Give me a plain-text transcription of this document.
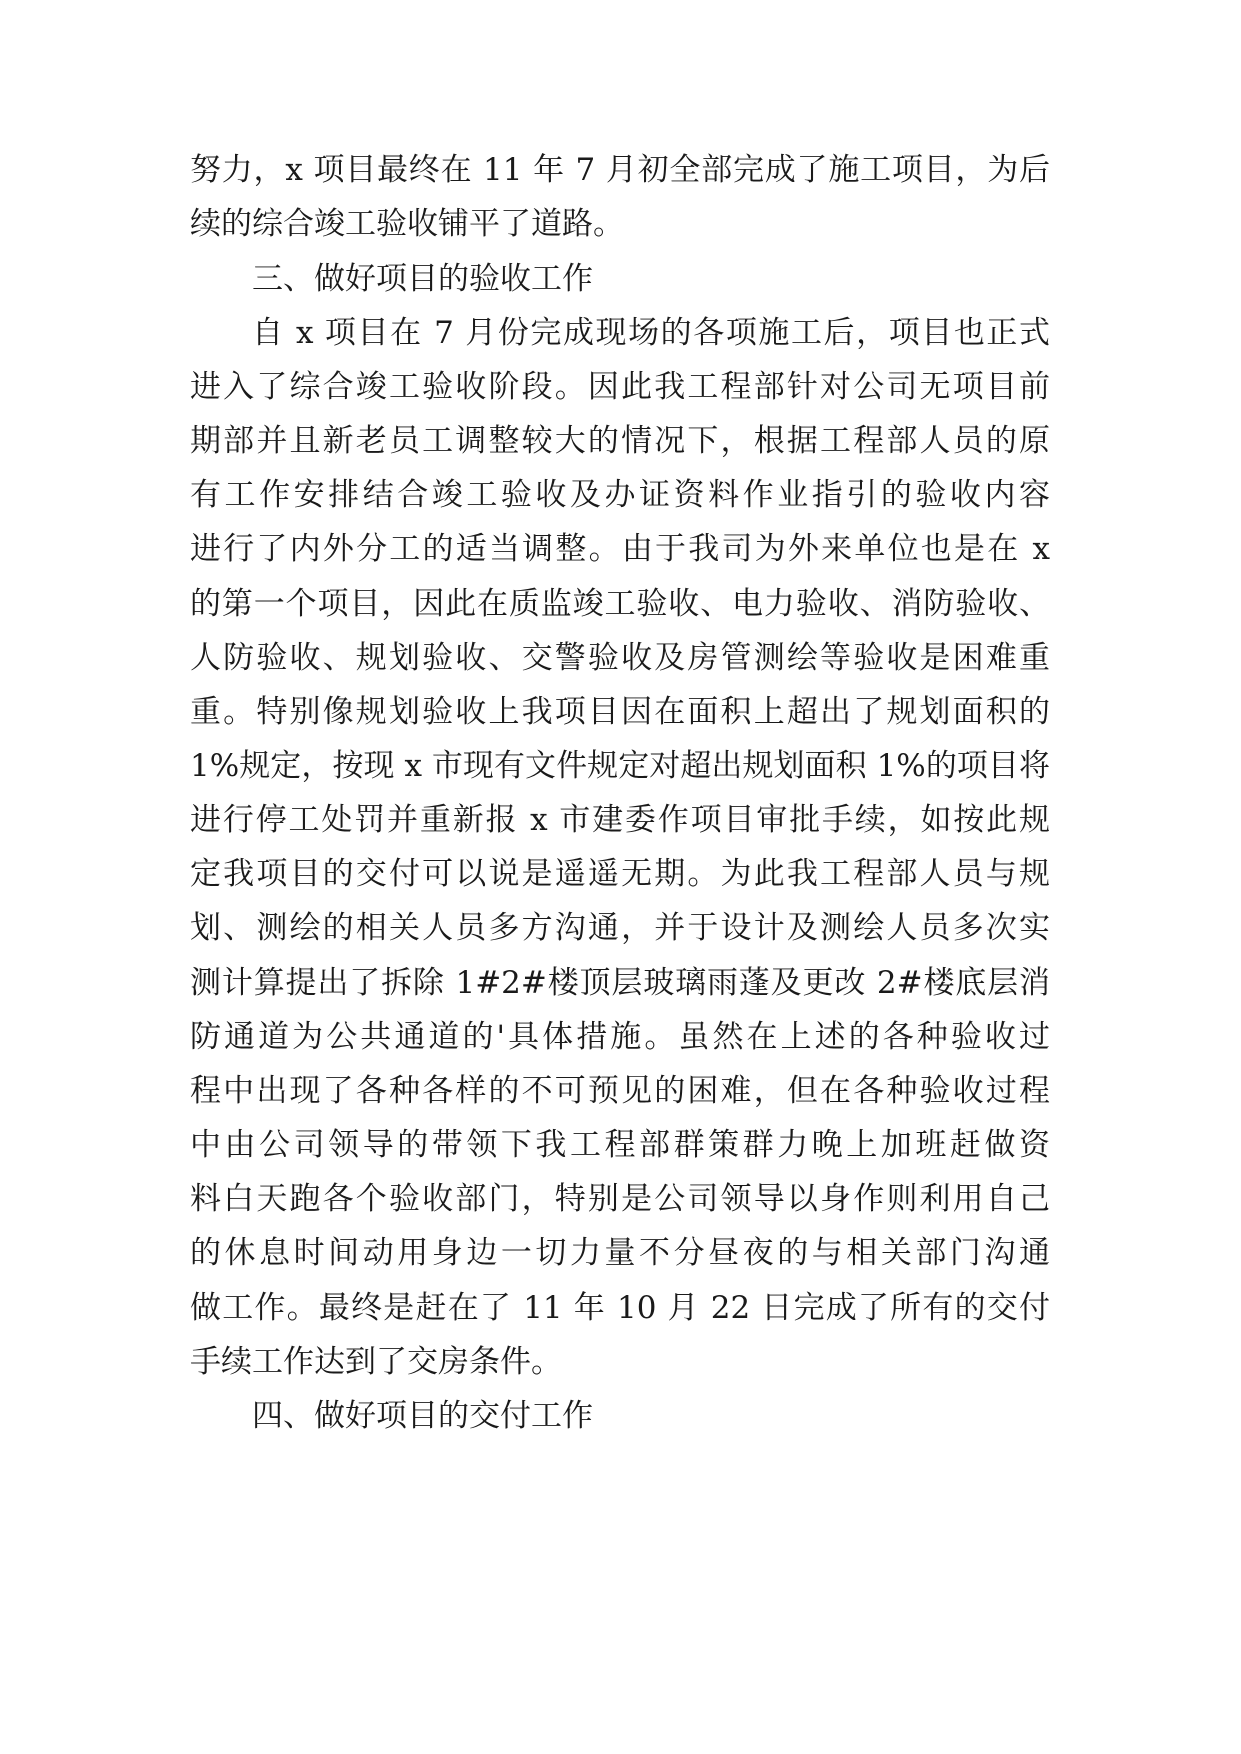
努力，x 项目最终在 11 年 7 月初全部完成了施工项目，为后
续的综合竣工验收铺平了道路。
三、做好项目的验收工作
自 x 项目在 7 月份完成现场的各项施工后，项目也正式
进入了综合竣工验收阶段。因此我工程部针对公司无项目前
期部并且新老员工调整较大的情况下，根据工程部人员的原
有工作安排结合竣工验收及办证资料作业指引的验收内容
进行了内外分工的适当调整。由于我司为外来单位也是在 x
的第一个项目，因此在质监竣工验收、电力验收、消防验收、
人防验收、规划验收、交警验收及房管测绘等验收是困难重
重。特别像规划验收上我项目因在面积上超出了规划面积的
1%规定，按现 x 市现有文件规定对超出规划面积 1%的项目将
进行停工处罚并重新报 x 市建委作项目审批手续，如按此规
定我项目的交付可以说是遥遥无期。为此我工程部人员与规
划、测绘的相关人员多方沟通，并于设计及测绘人员多次实
测计算提出了拆除 1#2#楼顶层玻璃雨蓬及更改 2#楼底层消
防通道为公共通道的'具体措施。虽然在上述的各种验收过
程中出现了各种各样的不可预见的困难，但在各种验收过程
中由公司领导的带领下我工程部群策群力晚上加班赶做资
料白天跑各个验收部门，特别是公司领导以身作则利用自己
的休息时间动用身边一切力量不分昼夜的与相关部门沟通
做工作。最终是赶在了 11 年 10 月 22 日完成了所有的交付
手续工作达到了交房条件。
四、做好项目的交付工作
